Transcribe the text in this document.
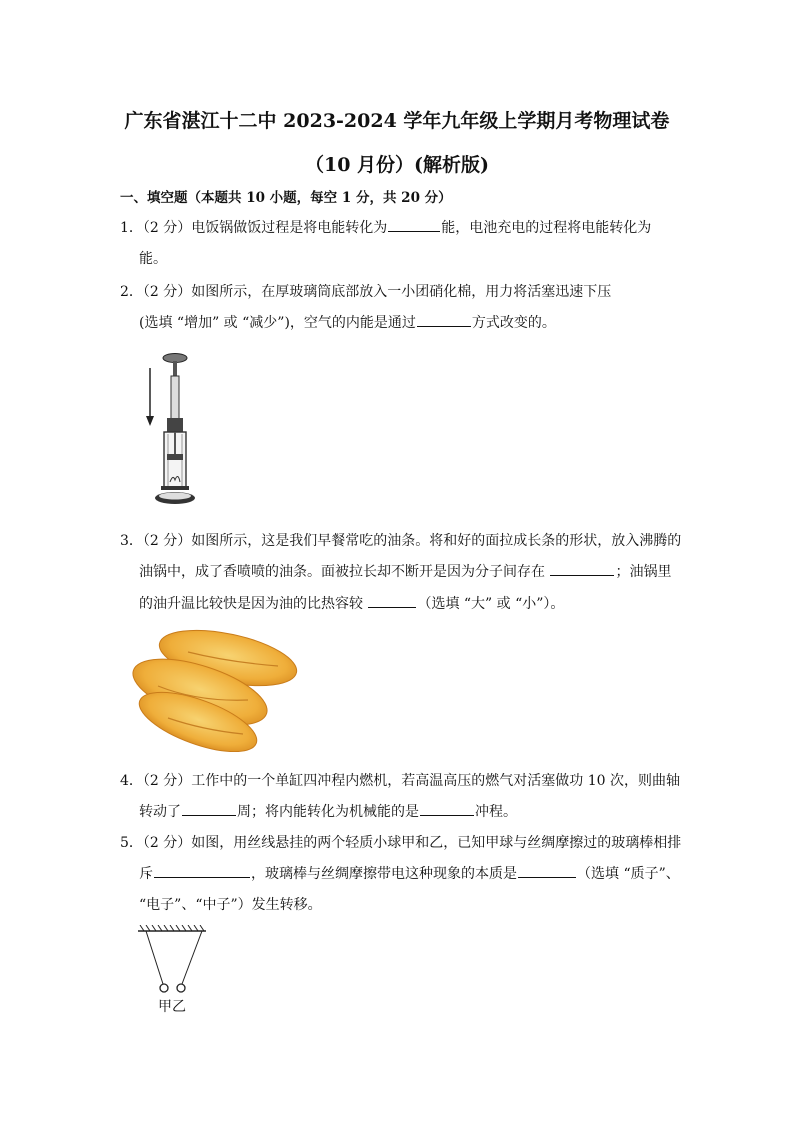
广东省湛江十二中 2023-2024 学年九年级上学期月考物理试卷
（10 月份）(解析版)
一、填空题（本题共 10 小题，每空 1 分，共 20 分）
1．（2 分）电饭锅做饭过程是将电能转化为	能，电池充电的过程将电能转化为
能。
2．（2 分）如图所示，在厚玻璃筒底部放入一小团硝化棉，用力将活塞迅速下压
(选填 “增加” 或 “减少”)，空气的内能是通过	方式改变的。
3．（2 分）如图所示，这是我们早餐常吃的油条。将和好的面拉成长条的形状，放入沸腾的
油锅中，成了香喷喷的油条。面被拉长却不断开是因为分子间存在	；油锅里
的油升温比较快是因为油的比热容较	（选填 “大” 或 “小”）。
4．（2 分）工作中的一个单缸四冲程内燃机，若高温高压的燃气对活塞做功 10 次，则曲轴
转动了	周；将内能转化为机械能的是	冲程。
5．（2 分）如图，用丝线悬挂的两个轻质小球甲和乙，已知甲球与丝绸摩擦过的玻璃棒相排
斥	，玻璃棒与丝绸摩擦带电这种现象的本质是	（选填 “质子”、
“电子”、“中子”）发生转移。
甲乙
